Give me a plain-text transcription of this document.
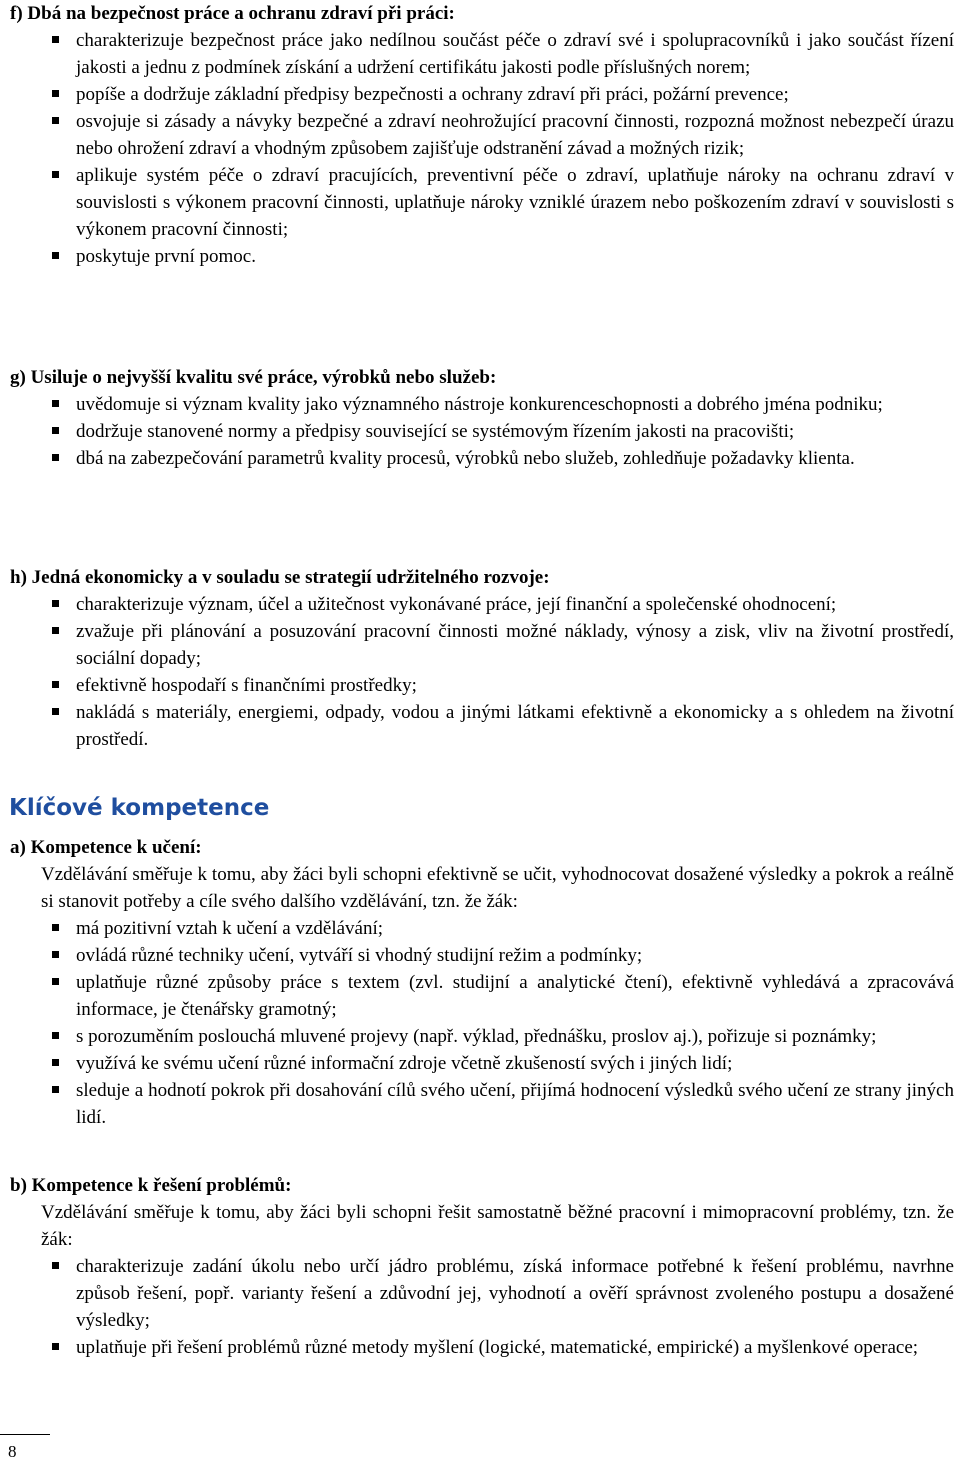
f) Dbá na bezpečnost práce a ochranu zdraví při práci:
charakterizuje bezpečnost práce jako nedílnou součást péče o zdraví své i spolupracovníků i jako součást řízení jakosti a jednu z podmínek získání a udržení certifikátu jakosti podle příslušných norem;
popíše a dodržuje základní předpisy bezpečnosti a ochrany zdraví při práci, požární prevence;
osvojuje si zásady a návyky bezpečné a zdraví neohrožující pracovní činnosti, rozpozná možnost nebezpečí úrazu nebo ohrožení zdraví a vhodným způsobem zajišťuje odstranění závad a možných rizik;
aplikuje systém péče o zdraví pracujících, preventivní péče o zdraví, uplatňuje nároky na ochranu zdraví v souvislosti s výkonem pracovní činnosti, uplatňuje nároky vzniklé úrazem nebo poškozením zdraví v souvislosti s výkonem pracovní činnosti;
poskytuje první pomoc.
g) Usiluje o nejvyšší kvalitu své práce, výrobků nebo služeb:
uvědomuje si význam kvality jako významného nástroje konkurenceschopnosti a dobrého jména podniku;
dodržuje stanovené normy a předpisy související se systémovým řízením jakosti na pracovišti;
dbá na zabezpečování parametrů kvality procesů, výrobků nebo služeb, zohledňuje požadavky klienta.
h) Jedná ekonomicky a v souladu se strategií udržitelného rozvoje:
charakterizuje význam, účel a užitečnost vykonávané práce, její finanční a společenské ohodnocení;
zvažuje při plánování a posuzování pracovní činnosti možné náklady, výnosy a zisk, vliv na životní prostředí, sociální dopady;
efektivně hospodaří s finančními prostředky;
nakládá s materiály, energiemi, odpady, vodou a jinými látkami efektivně a ekonomicky a s ohledem na životní prostředí.
Klíčové kompetence
a) Kompetence k učení:
Vzdělávání směřuje k tomu, aby žáci byli schopni efektivně se učit, vyhodnocovat dosažené výsledky a pokrok a reálně si stanovit potřeby a cíle svého dalšího vzdělávání, tzn. že žák:
má pozitivní vztah k učení a vzdělávání;
ovládá různé techniky učení, vytváří si vhodný studijní režim a podmínky;
uplatňuje různé způsoby práce s textem (zvl. studijní a analytické čtení), efektivně vyhledává a zpracovává informace, je čtenářsky gramotný;
s porozuměním poslouchá mluvené projevy (např. výklad, přednášku, proslov aj.), pořizuje si poznámky;
využívá ke svému učení různé informační zdroje včetně zkušeností svých i jiných lidí;
sleduje a hodnotí pokrok při dosahování cílů svého učení, přijímá hodnocení výsledků svého učení ze strany jiných lidí.
b) Kompetence k řešení problémů:
Vzdělávání směřuje k tomu, aby žáci byli schopni řešit samostatně běžné pracovní i mimopracovní problémy, tzn. že žák:
charakterizuje zadání úkolu nebo určí jádro problému, získá informace potřebné k řešení problému, navrhne způsob řešení, popř. varianty řešení a zdůvodní jej, vyhodnotí a ověří správnost zvoleného postupu a dosažené výsledky;
uplatňuje při řešení problémů různé metody myšlení (logické, matematické, empirické) a myšlenkové operace;
8
